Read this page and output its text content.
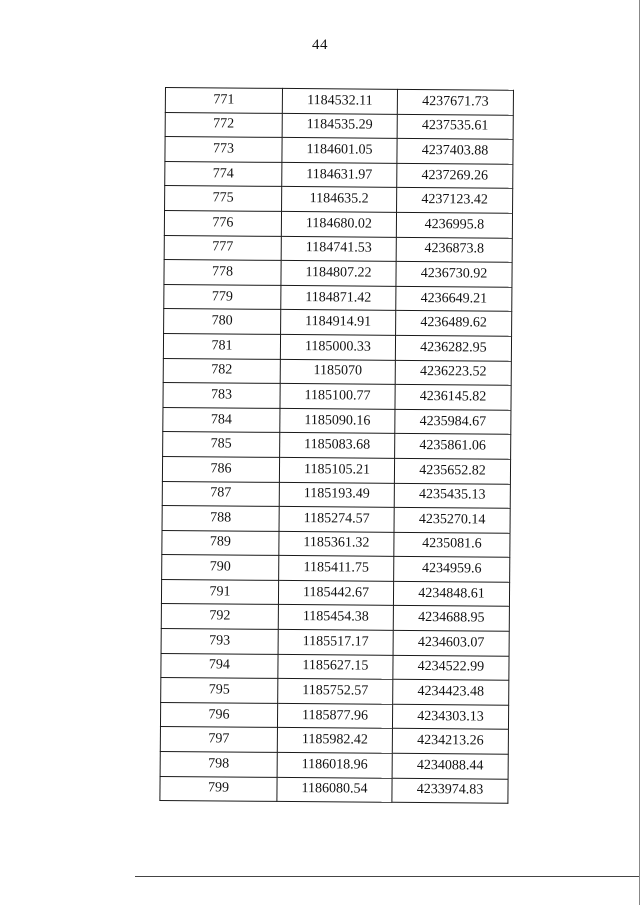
44
771	1184532.11	4237671.73
772	1184535.29	4237535.61
773	1184601.05	4237403.88
774	1184631.97	4237269.26
775	1184635.2	4237123.42
776	1184680.02	4236995.8
777	1184741.53	4236873.8
778	1184807.22	4236730.92
779	1184871.42	4236649.21
780	1184914.91	4236489.62
781	1185000.33	4236282.95
782	1185070	4236223.52
783	1185100.77	4236145.82
784	1185090.16	4235984.67
785	1185083.68	4235861.06
786	1185105.21	4235652.82
787	1185193.49	4235435.13
788	1185274.57	4235270.14
789	1185361.32	4235081.6
790	1185411.75	4234959.6
791	1185442.67	4234848.61
792	1185454.38	4234688.95
793	1185517.17	4234603.07
794	1185627.15	4234522.99
795	1185752.57	4234423.48
796	1185877.96	4234303.13
797	1185982.42	4234213.26
798	1186018.96	4234088.44
799	1186080.54	4233974.83
